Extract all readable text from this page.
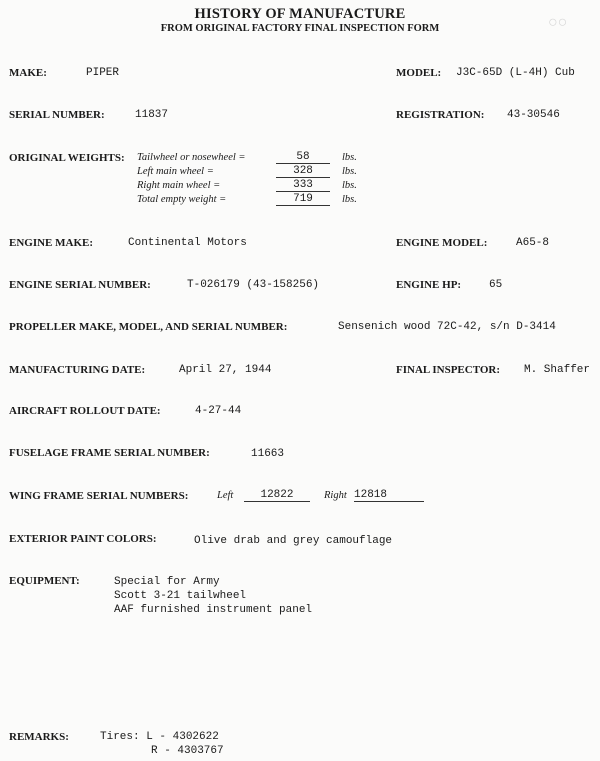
HISTORY OF MANUFACTURE
FROM ORIGINAL FACTORY FINAL INSPECTION FORM	○○
MAKE:	PIPER	MODEL: J3C-65D (L-4H) Cub
SERIAL NUMBER:	11837	REGISTRATION: 43-30546
ORIGINAL WEIGHTS: Tailwheel or nosewheel =	58	lbs.
Left main wheel =	328	lbs.
Right main wheel =	333	lbs.
Total empty weight =	719	lbs.
ENGINE MAKE:	Continental Motors	ENGINE MODEL:	A65-8
ENGINE SERIAL NUMBER:	T-026179 (43-158256)	ENGINE HP:	65
PROPELLER MAKE, MODEL, AND SERIAL NUMBER:	Sensenich wood 72C-42, s/n D-3414
MANUFACTURING DATE:	April 27, 1944	FINAL INSPECTOR: M. Shaffer
AIRCRAFT ROLLOUT DATE:	4-27-44
FUSELAGE FRAME SERIAL NUMBER:	11663
WING FRAME SERIAL NUMBERS:	Left	12822	Right 12818
EXTERIOR PAINT COLORS:	Olive drab and grey camouflage
EQUIPMENT:	Special for Army
Scott 3-21 tailwheel
AAF furnished instrument panel
REMARKS:	Tires: L - 4302622
R - 4303767
